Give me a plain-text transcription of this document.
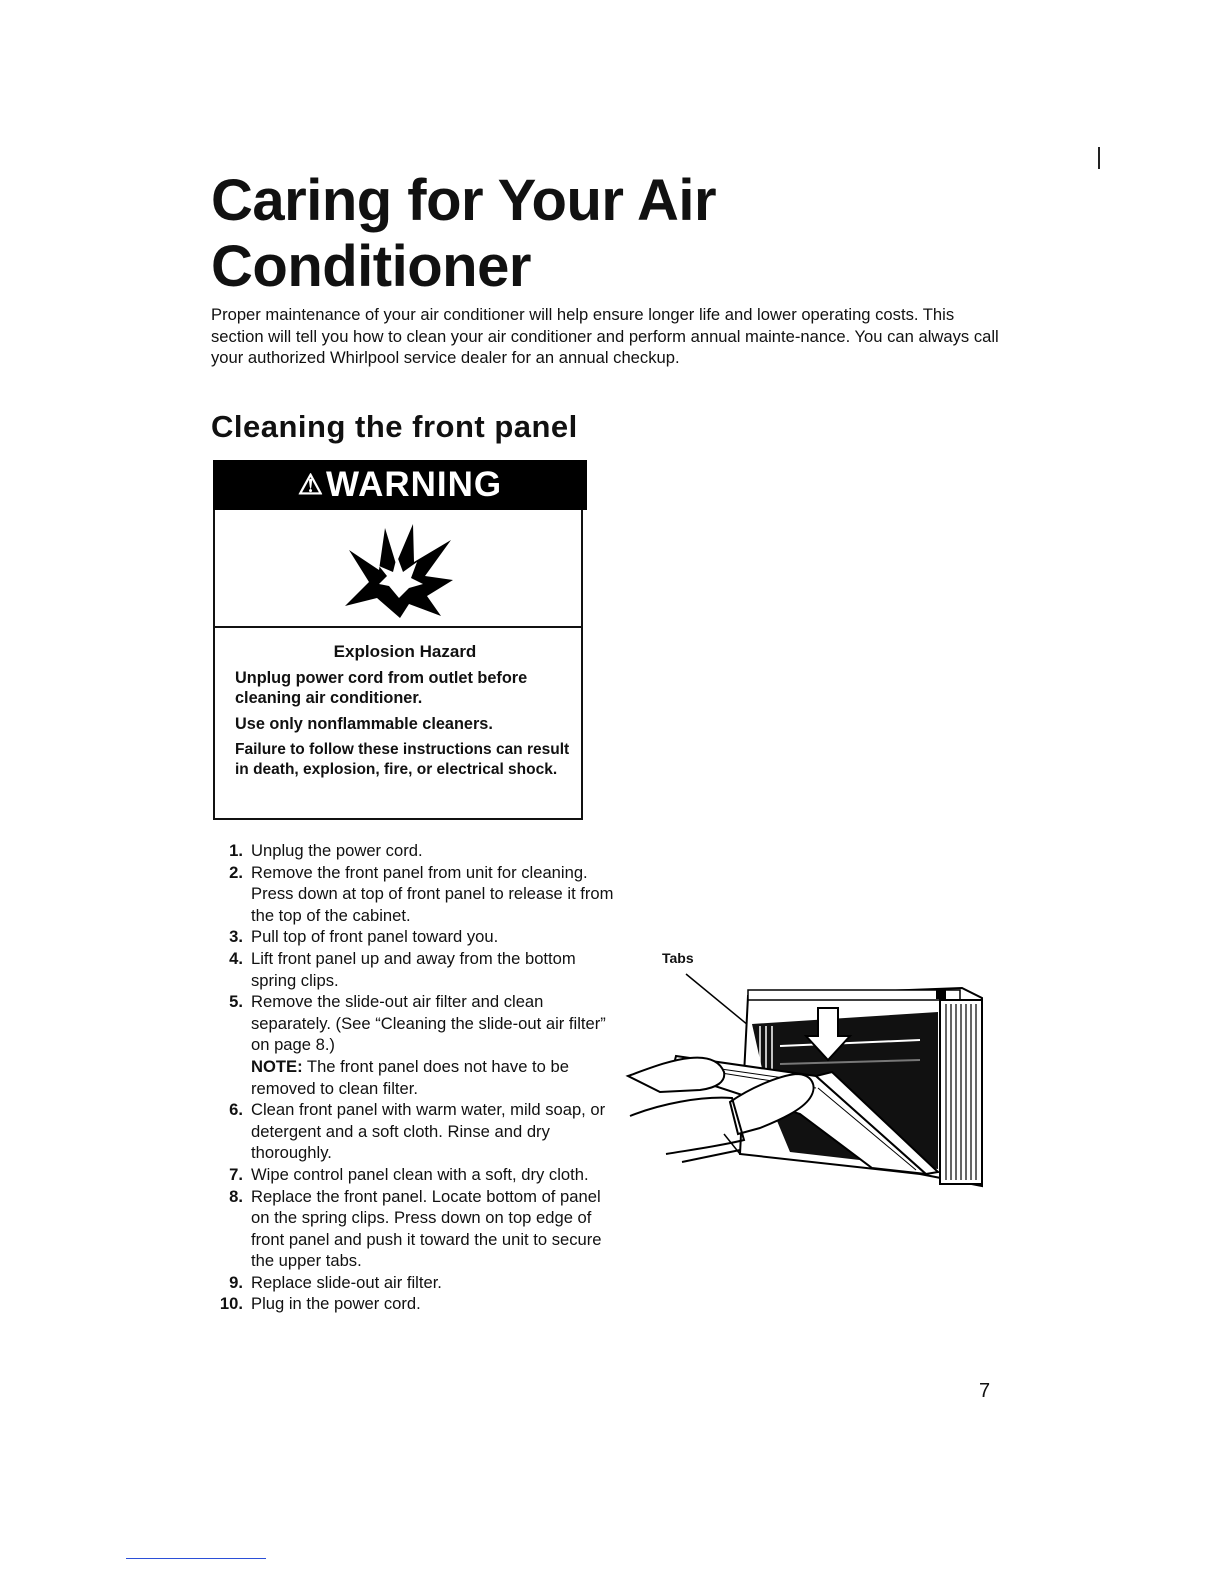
Caring for Your Air
Conditioner

Proper maintenance of your air conditioner will help ensure longer life and lower operating costs. This section will tell you how to clean your air conditioner and perform annual mainte-nance. You can always call your authorized Whirlpool service dealer for an annual checkup.

Cleaning the front panel
⚠WARNING

Explosion Hazard

Unplug power cord from outlet before cleaning air conditioner.

Use only nonflammable cleaners.

Failure to follow these instructions can result in death, explosion, fire, or electrical shock.

1. Unplug the power cord.
2. Remove the front panel from unit for cleaning. Press down at top of front panel to release it from the top of the cabinet.
3. Pull top of front panel toward you.
4. Lift front panel up and away from the bottom spring clips.
5. Remove the slide-out air filter and clean separately. (See “Cleaning the slide-out air filter” on page 8.)
NOTE: The front panel does not have to be removed to clean filter.
6. Clean front panel with warm water, mild soap, or detergent and a soft cloth. Rinse and dry thoroughly.
7. Wipe control panel clean with a soft, dry cloth.
8. Replace the front panel. Locate bottom of panel on the spring clips. Press down on top edge of front panel and push it toward the unit to secure the upper tabs.
9. Replace slide-out air filter.
10. Plug in the power cord.

Tabs

7
